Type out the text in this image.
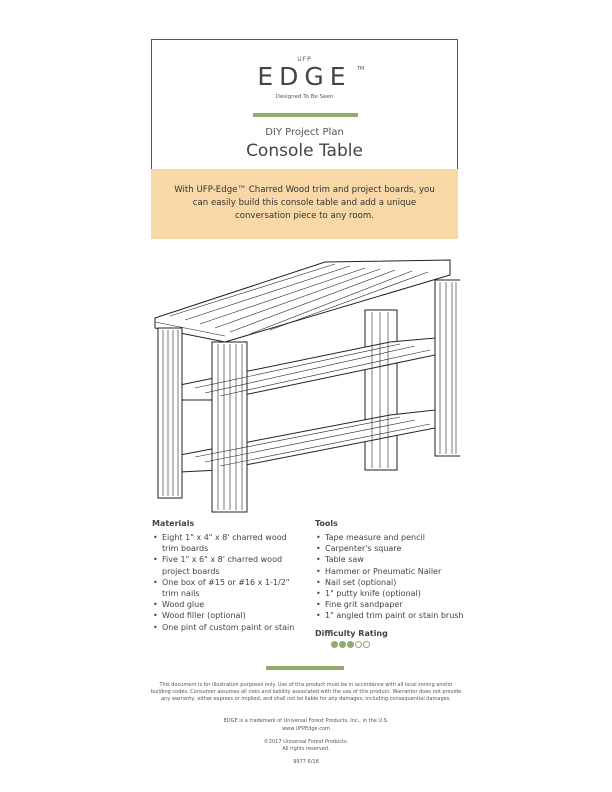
UFP
EDGE	TM
Designed To Be Seen
DIY Project Plan
Console Table
With UFP-Edge™ Charred Wood trim and project boards, you can easily build this console table and add a unique conversation piece to any room.
Materials
• Eight 1" x 4" x 8' charred wood trim boards
• Five 1" x 6" x 8' charred wood project boards
• One box of #15 or #16 x 1-1/2" trim nails
• Wood glue
• Wood filler (optional)
• One pint of custom paint or stain
Tools
• Tape measure and pencil
• Carpenter's square
• Table saw
• Hammer or Pneumatic Nailer
• Nail set (optional)
• 1" putty knife (optional)
• Fine grit sandpaper
• 1" angled trim paint or stain brush
Difficulty Rating
This document is for illustration purposes only. Use of this product must be in accordance with all local zoning and/or building codes. Consumer assumes all risks and liability associated with the use of this product. Warrantor does not provide any warranty, either express or implied, and shall not be liable for any damages, including consequential damages.
EDGE is a trademark of Universal Forest Products, Inc., in the U.S.
www.UFPEdge.com
©2017 Universal Forest Products.
All rights reserved.
9977 6/18
